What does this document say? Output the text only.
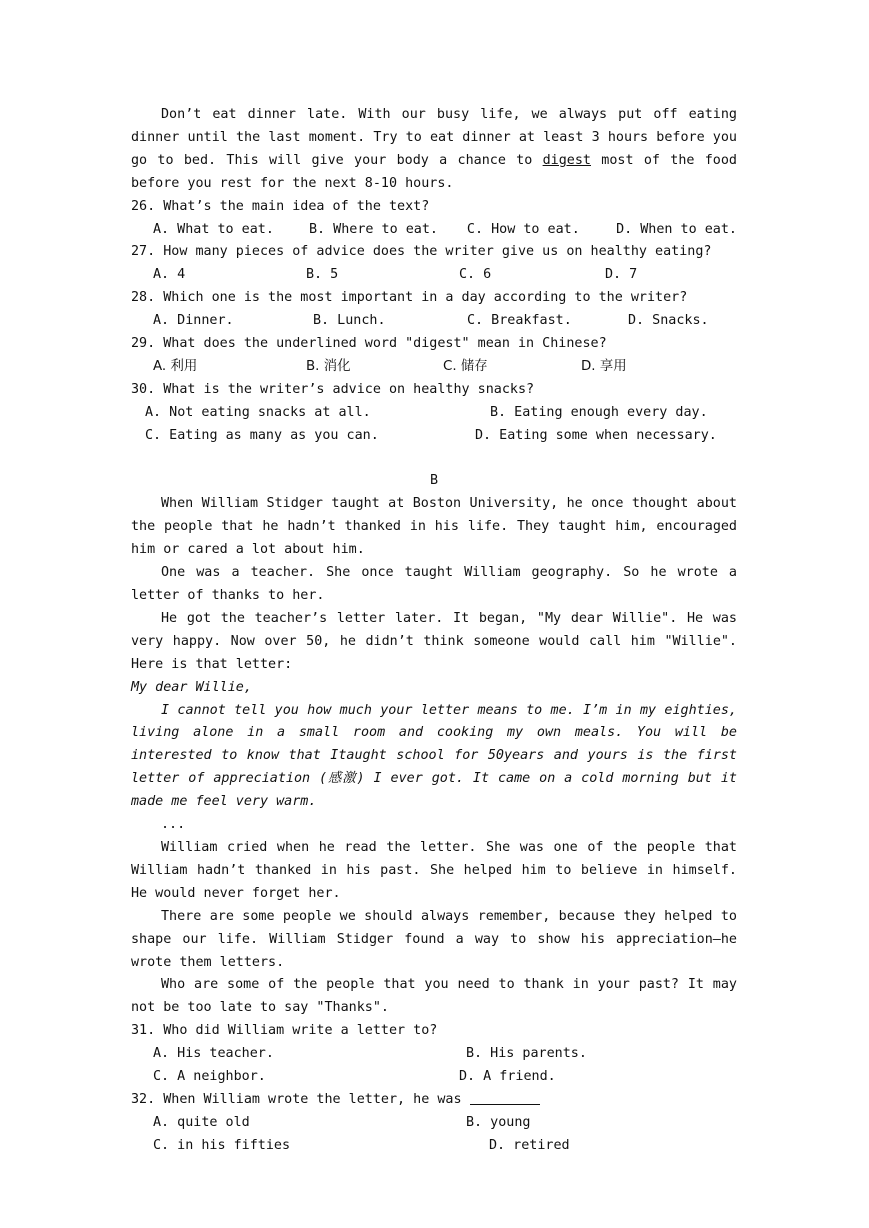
Don’t eat dinner late. With our busy life, we always put off eating dinner until the last moment. Try to eat dinner at least 3 hours before you go to bed. This will give your body a chance to digest most of the food before you rest for the next 8-10 hours.

26. What’s the main idea of the text?

A. What to eat.	B. Where to eat.	C. How to eat.	D. When to eat.

27. How many pieces of advice does the writer give us on healthy eating?

A. 4	B. 5	C. 6	D. 7

28. Which one is the most important in a day according to the writer?

A. Dinner.	B. Lunch.	C. Breakfast.	D. Snacks.

29. What does the underlined word "digest" mean in Chinese?

A. 利用	B. 消化	C. 储存	D. 享用

30. What is the writer’s advice on healthy snacks?

A. Not eating snacks at all.	B. Eating enough every day.
C. Eating as many as you can.	D. Eating some when necessary.

B

When William Stidger taught at Boston University, he once thought about the people that he hadn’t thanked in his life. They taught him, encouraged him or cared a lot about him.

One was a teacher. She once taught William geography. So he wrote a letter of thanks to her.

He got the teacher’s letter later. It began, "My dear Willie". He was very happy. Now over 50, he didn’t think someone would call him "Willie". Here is that letter:

My dear Willie,

I cannot tell you how much your letter means to me. I’m in my eighties, living alone in a small room and cooking my own meals. You will be interested to know that Itaught school for 50years and yours is the first letter of appreciation (感激) I ever got. It came on a cold morning but it made me feel very warm.

...

William cried when he read the letter. She was one of the people that William hadn’t thanked in his past. She helped him to believe in himself. He would never forget her.

There are some people we should always remember, because they helped to shape our life. William Stidger found a way to show his appreciation—he wrote them letters.

Who are some of the people that you need to thank in your past? It may not be too late to say "Thanks".

31. Who did William write a letter to?

A. His teacher.	B. His parents.
C. A neighbor.	D. A friend.

32. When William wrote the letter, he was

A. quite old	B. young
C. in his fifties	D. retired
